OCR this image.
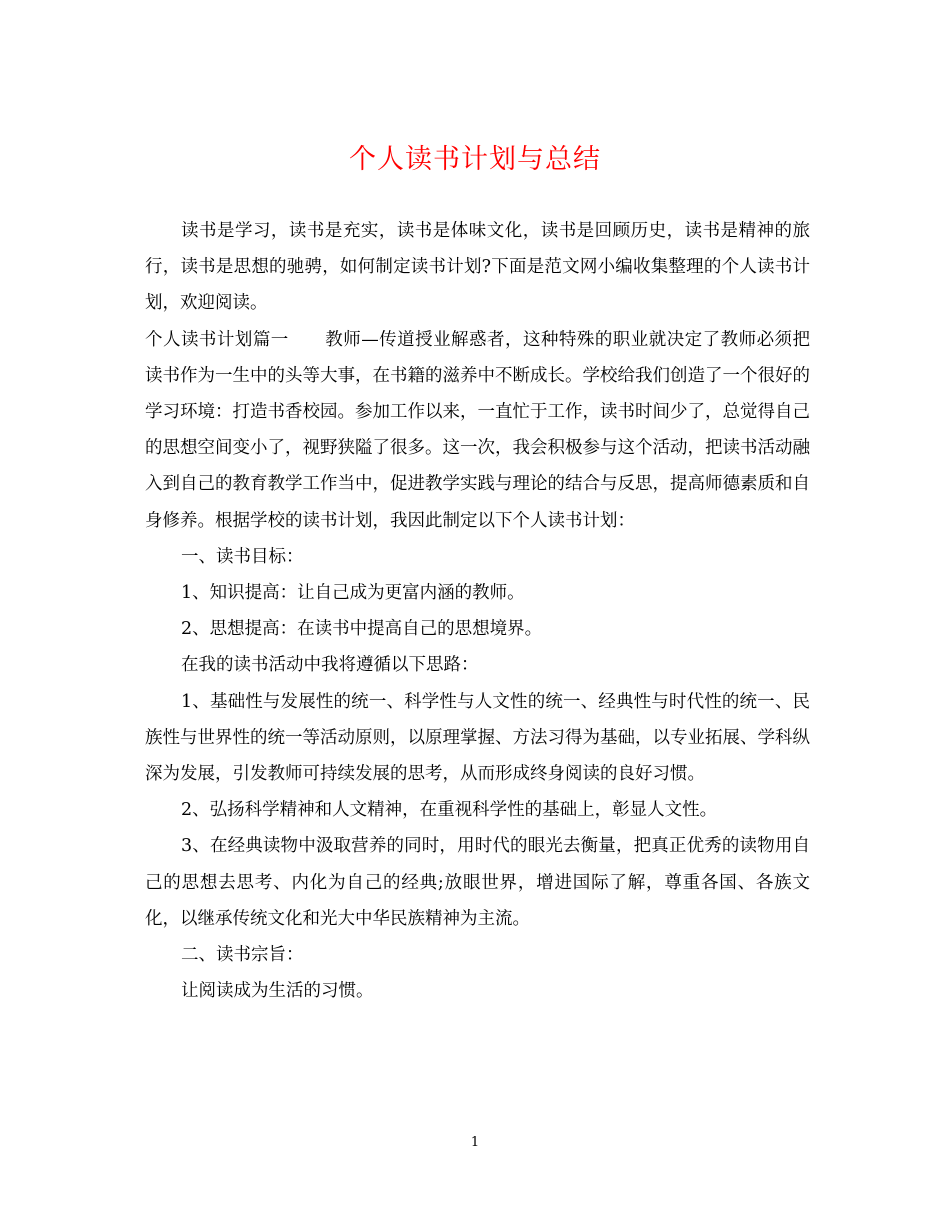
个人读书计划与总结

读书是学习，读书是充实，读书是体味文化，读书是回顾历史，读书是精神的旅行，读书是思想的驰骋，如何制定读书计划?下面是范文网小编收集整理的个人读书计划，欢迎阅读。

个人读书计划篇一 教师—传道授业解惑者，这种特殊的职业就决定了教师必须把读书作为一生中的头等大事，在书籍的滋养中不断成长。学校给我们创造了一个很好的学习环境：打造书香校园。参加工作以来，一直忙于工作，读书时间少了，总觉得自己的思想空间变小了，视野狭隘了很多。这一次，我会积极参与这个活动，把读书活动融入到自己的教育教学工作当中，促进教学实践与理论的结合与反思，提高师德素质和自身修养。根据学校的读书计划，我因此制定以下个人读书计划：

一、读书目标：

1、知识提高：让自己成为更富内涵的教师。

2、思想提高：在读书中提高自己的思想境界。

在我的读书活动中我将遵循以下思路：

1、基础性与发展性的统一、科学性与人文性的统一、经典性与时代性的统一、民族性与世界性的统一等活动原则，以原理掌握、方法习得为基础，以专业拓展、学科纵深为发展，引发教师可持续发展的思考，从而形成终身阅读的良好习惯。

2、弘扬科学精神和人文精神，在重视科学性的基础上，彰显人文性。

3、在经典读物中汲取营养的同时，用时代的眼光去衡量，把真正优秀的读物用自己的思想去思考、内化为自己的经典;放眼世界，增进国际了解，尊重各国、各族文化，以继承传统文化和光大中华民族精神为主流。

二、读书宗旨：

让阅读成为生活的习惯。

1
